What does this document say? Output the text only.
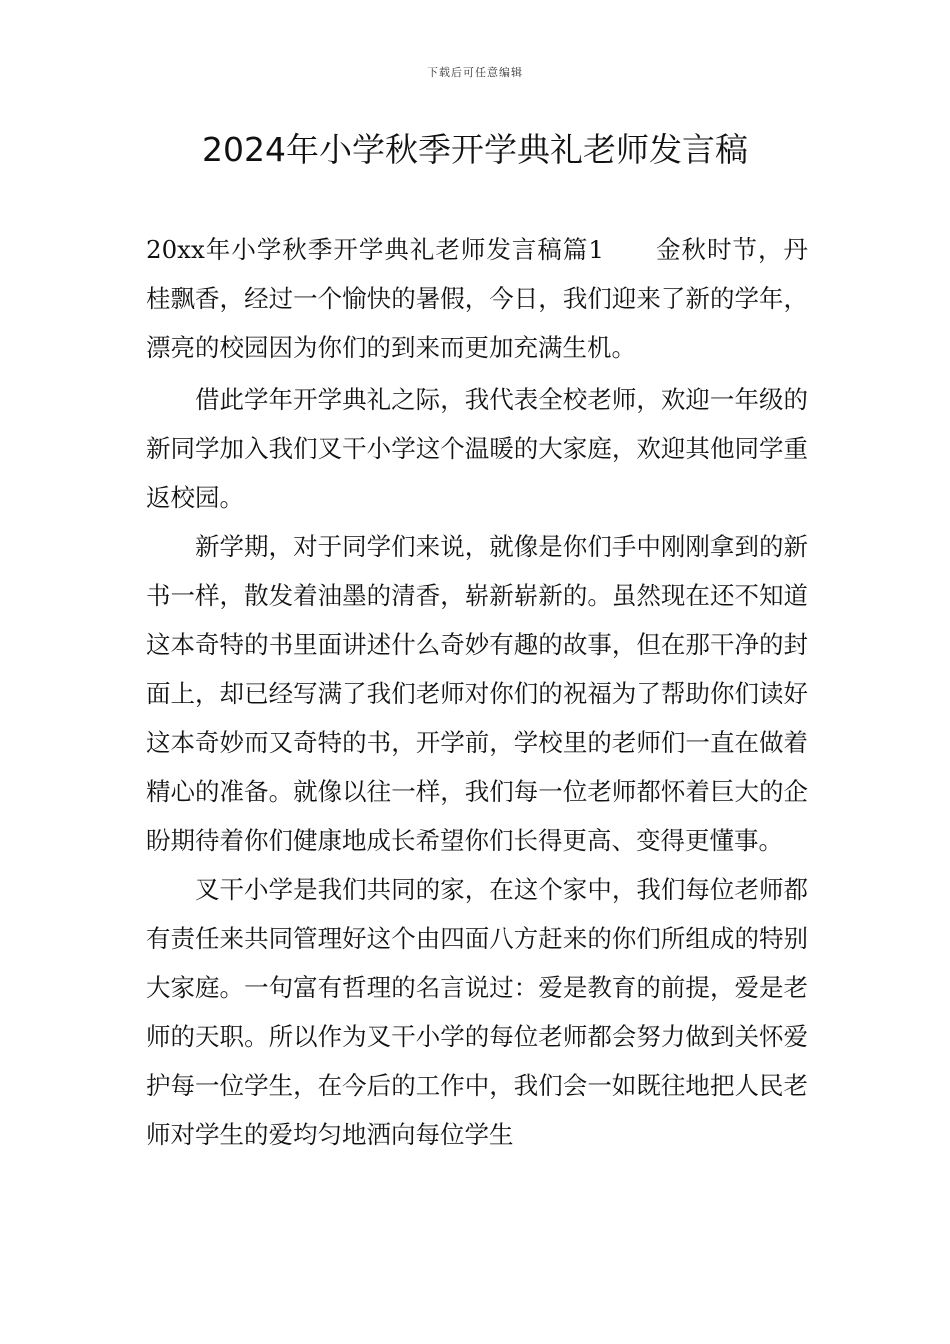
下载后可任意编辑
2024年小学秋季开学典礼老师发言稿

20xx年小学秋季开学典礼老师发言稿篇1　　金秋时节，丹桂飘香，经过一个愉快的暑假，今日，我们迎来了新的学年，漂亮的校园因为你们的到来而更加充满生机。

借此学年开学典礼之际，我代表全校老师，欢迎一年级的新同学加入我们叉干小学这个温暖的大家庭，欢迎其他同学重返校园。

新学期，对于同学们来说，就像是你们手中刚刚拿到的新书一样，散发着油墨的清香，崭新崭新的。虽然现在还不知道这本奇特的书里面讲述什么奇妙有趣的故事，但在那干净的封面上，却已经写满了我们老师对你们的祝福为了帮助你们读好这本奇妙而又奇特的书，开学前，学校里的老师们一直在做着精心的准备。就像以往一样，我们每一位老师都怀着巨大的企盼期待着你们健康地成长希望你们长得更高、变得更懂事。

叉干小学是我们共同的家，在这个家中，我们每位老师都有责任来共同管理好这个由四面八方赶来的你们所组成的特别大家庭。一句富有哲理的名言说过：爱是教育的前提，爱是老师的天职。所以作为叉干小学的每位老师都会努力做到关怀爱护每一位学生，在今后的工作中，我们会一如既往地把人民老师对学生的爱均匀地洒向每位学生
